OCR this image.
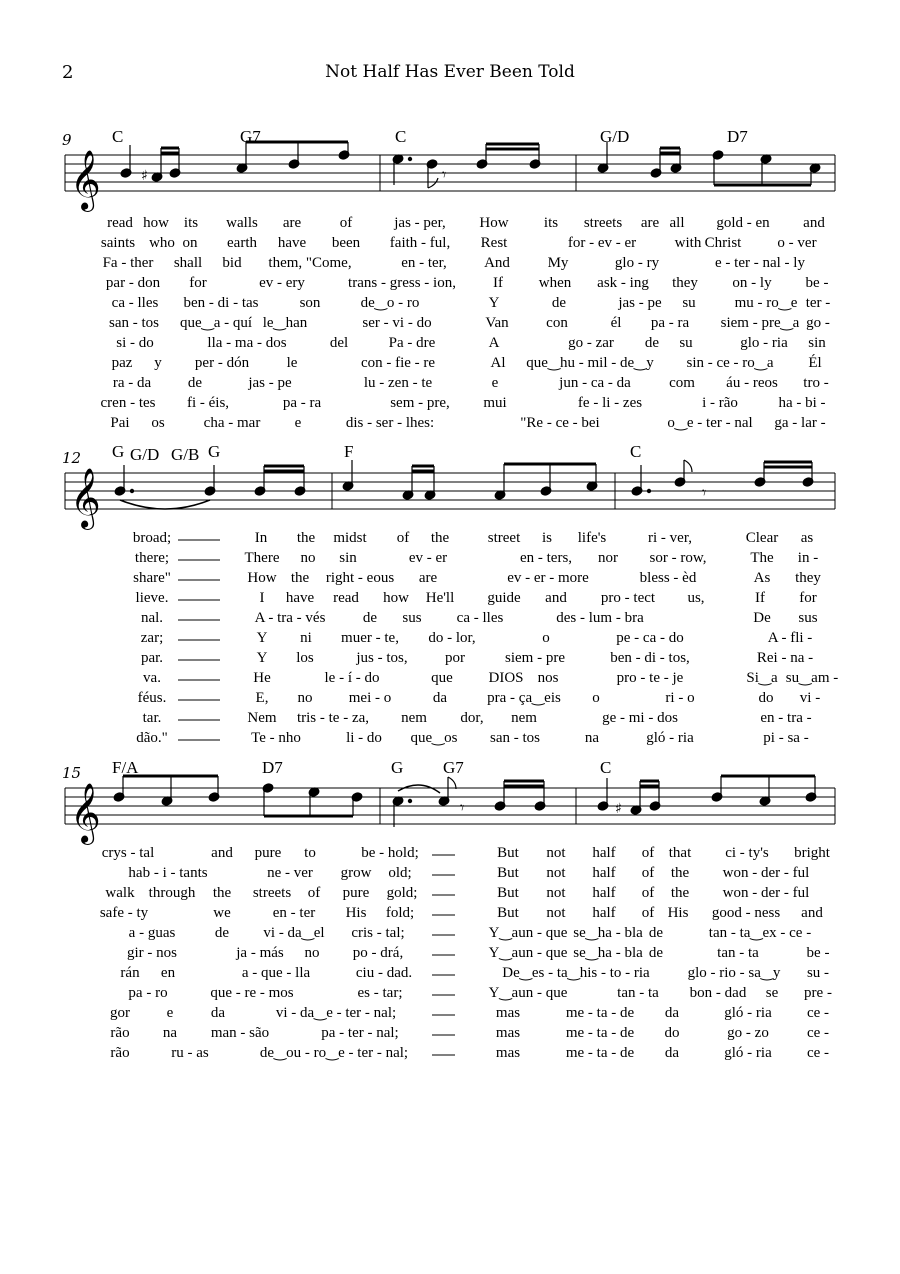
2	Not Half Has Ever Been Told
9 C	G7	C	G/D	D7
𝄞	♯	𝄾
read how its walls are	of	jas - per, How its streets are all gold - en and
saints who on earth have been faith - ful, Rest	for - ev - er	with Christ o - ver
Fa - ther shall bid them, "Come,	en - ter, And	My	glo - ry	e - ter - nal - ly
par - don for	ev - ery	trans - gress - ion, If when ask - ing they on - ly be -
ca - lles ben - di - tas	son	de‿o - ro	Y	de	jas - pe su	mu - ro‿e ter -
san - tos que‿a - quí le‿han	ser - vi - do	Van	con	él pa - ra siem - pre‿a go -
si - do	lla - ma - dos	del	Pa - dre	A	go - zar de su	glo - ria sin
paz y per - dón	le	con - fie - re	Al que‿hu - mil - de‿y sin - ce - ro‿a Él
ra - da de	jas - pe	lu - zen - te	e	jun - ca - da	com áu - reos tro -
cren - tes fi - éis,	pa - ra	sem - pre, mui	fe - li - zes	i - rão	ha - bi -
Pai os	cha - mar e	dis - ser - lhes:	"Re - ce - bei	o‿e - ter - nal ga - lar -
12 G G/D G/B G	F	C
𝄞	𝄾
broad;	In the midst of the	street is life's	ri - ver,	Clear as
there;	There no sin	ev - er	en - ters, nor sor - row,	The in -
share"	How the right - eous are	ev - er - more	bless - èd	As they
lieve.	I have read how He'll guide and pro - tect us,	If for
nal.	A - tra - vés	de sus ca - lles	des - lum - bra	De sus
zar;	Y ni muer - te, do - lor,	o	pe - ca - do	A - fli -
par.	Y los	jus - tos, por	siem - pre	ben - di - tos,	Rei - na -
va.	He	le - í - do	que DIOS nos	pro - te - je	Si‿a su‿am -
féus.	E, no mei - o	da	pra - ça‿eis o	ri - o	do vi -
tar.	Nem tris - te - za, nem dor, nem	ge - mi - dos	en - tra -
dão."	Te - nho	li - do que‿os san - tos	na	gló - ria	pi - sa -
15 F/A	D7	G G7	C
𝄞	𝄾	♯
crys - tal	and pure to	be - hold;	But not half of that ci - ty's bright
hab - i - tants	ne - ver grow old;	But not half of the won - der - ful
walk through the streets of pure gold;	But not half of the won - der - ful
safe - ty	we	en - ter His fold;	But not half of His good - ness and
a - guas	de vi - da‿el cris - tal;	Y‿aun - que se‿ha - bla de	tan - ta‿ex - ce -
gir - nos	ja - más no po - drá,	Y‿aun - que se‿ha - bla de	tan - ta	be -
rán en	a - que - lla	ciu - dad.	De‿es - ta‿his - to - ria	glo - rio - sa‿y su -
pa - ro	que - re - mos	es - tar;	Y‿aun - que	tan - ta bon - dad se pre -
gor e	da	vi - da‿e - ter - nal;	mas	me - ta - de da	gló - ria ce -
rão na man - são	pa - ter - nal;	mas	me - ta - de do	go - zo	ce -
rão	ru - as	de‿ou - ro‿e - ter - nal;	mas	me - ta - de da	gló - ria ce -
